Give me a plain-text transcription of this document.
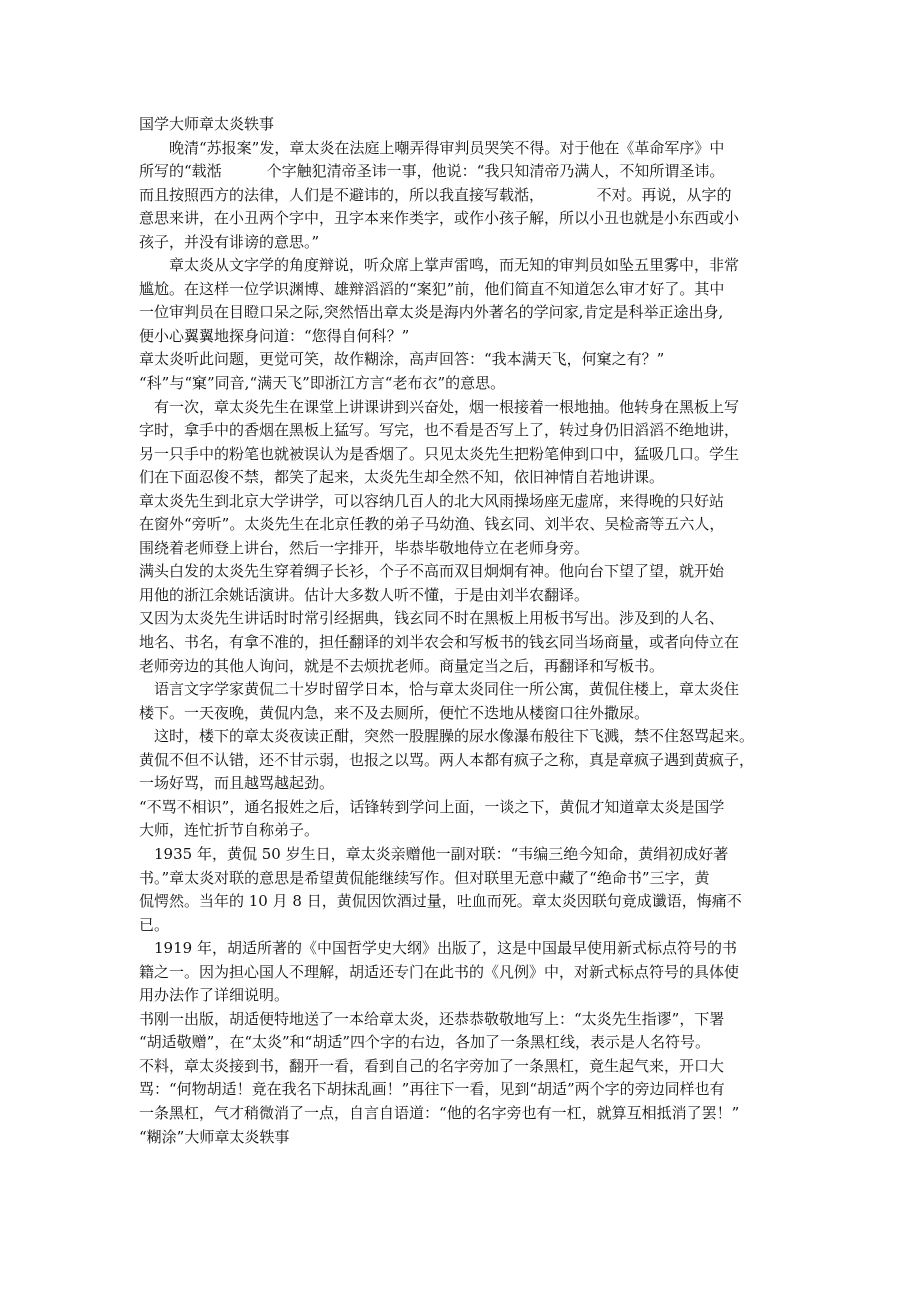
国学大师章太炎轶事
　　晚清“苏报案”发，章太炎在法庭上嘲弄得审判员哭笑不得。对于他在《革命军序》中
所写的“载湉　　　个字触犯清帝圣讳一事，他说：“我只知清帝乃满人，不知所谓圣讳。
而且按照西方的法律，人们是不避讳的，所以我直接写载湉，　　　　不对。再说，从字的
意思来讲，在小丑两个字中，丑字本来作类字，或作小孩子解，所以小丑也就是小东西或小
孩子，并没有诽谤的意思。”
　　章太炎从文字学的角度辩说，听众席上掌声雷鸣，而无知的审判员如坠五里雾中，非常
尴尬。在这样一位学识渊博、雄辩滔滔的“案犯”前，他们简直不知道怎么审才好了。其中
一位审判员在目瞪口呆之际,突然悟出章太炎是海内外著名的学问家,肯定是科举正途出身,
便小心翼翼地探身问道：“您得自何科？”
章太炎听此问题，更觉可笑，故作糊涂，高声回答：“我本满天飞，何窠之有？”
“科”与“窠”同音,“满天飞”即浙江方言“老布衣”的意思。
　有一次，章太炎先生在课堂上讲课讲到兴奋处，烟一根接着一根地抽。他转身在黑板上写
字时，拿手中的香烟在黑板上猛写。写完，也不看是否写上了，转过身仍旧滔滔不绝地讲，
另一只手中的粉笔也就被误认为是香烟了。只见太炎先生把粉笔伸到口中，猛吸几口。学生
们在下面忍俊不禁，都笑了起来，太炎先生却全然不知，依旧神情自若地讲课。
章太炎先生到北京大学讲学，可以容纳几百人的北大风雨操场座无虚席，来得晚的只好站
在窗外“旁听”。太炎先生在北京任教的弟子马幼渔、钱玄同、刘半农、吴检斋等五六人，
围绕着老师登上讲台，然后一字排开，毕恭毕敬地侍立在老师身旁。
满头白发的太炎先生穿着绸子长衫，个子不高而双目炯炯有神。他向台下望了望，就开始
用他的浙江余姚话演讲。估计大多数人听不懂，于是由刘半农翻译。
又因为太炎先生讲话时时常引经据典，钱玄同不时在黑板上用板书写出。涉及到的人名、
地名、书名，有拿不准的，担任翻译的刘半农会和写板书的钱玄同当场商量，或者向侍立在
老师旁边的其他人询问，就是不去烦扰老师。商量定当之后，再翻译和写板书。
　语言文字学家黄侃二十岁时留学日本，恰与章太炎同住一所公寓，黄侃住楼上，章太炎住
楼下。一天夜晚，黄侃内急，来不及去厕所，便忙不迭地从楼窗口往外撒尿。
　这时，楼下的章太炎夜读正酣，突然一股腥臊的尿水像瀑布般往下飞溅，禁不住怒骂起来。
黄侃不但不认错，还不甘示弱，也报之以骂。两人本都有疯子之称，真是章疯子遇到黄疯子，
一场好骂，而且越骂越起劲。
“不骂不相识”，通名报姓之后，话锋转到学问上面，一谈之下，黄侃才知道章太炎是国学
大师，连忙折节自称弟子。
　1935 年，黄侃 50 岁生日，章太炎亲赠他一副对联：“韦编三绝今知命，黄绢初成好著
书。”章太炎对联的意思是希望黄侃能继续写作。但对联里无意中藏了“绝命书”三字，黄
侃愕然。当年的 10 月 8 日，黄侃因饮酒过量，吐血而死。章太炎因联句竟成谶语，悔痛不
已。
　1919 年，胡适所著的《中国哲学史大纲》出版了，这是中国最早使用新式标点符号的书
籍之一。因为担心国人不理解，胡适还专门在此书的《凡例》中，对新式标点符号的具体使
用办法作了详细说明。
书刚一出版，胡适便特地送了一本给章太炎，还恭恭敬敬地写上：“太炎先生指谬”，下署
“胡适敬赠”，在“太炎”和“胡适”四个字的右边，各加了一条黑杠线，表示是人名符号。
不料，章太炎接到书，翻开一看，看到自己的名字旁加了一条黑杠，竟生起气来，开口大
骂：“何物胡适！竟在我名下胡抹乱画！”再往下一看，见到“胡适”两个字的旁边同样也有
一条黑杠，气才稍微消了一点，自言自语道：“他的名字旁也有一杠，就算互相抵消了罢！”
“糊涂”大师章太炎轶事
